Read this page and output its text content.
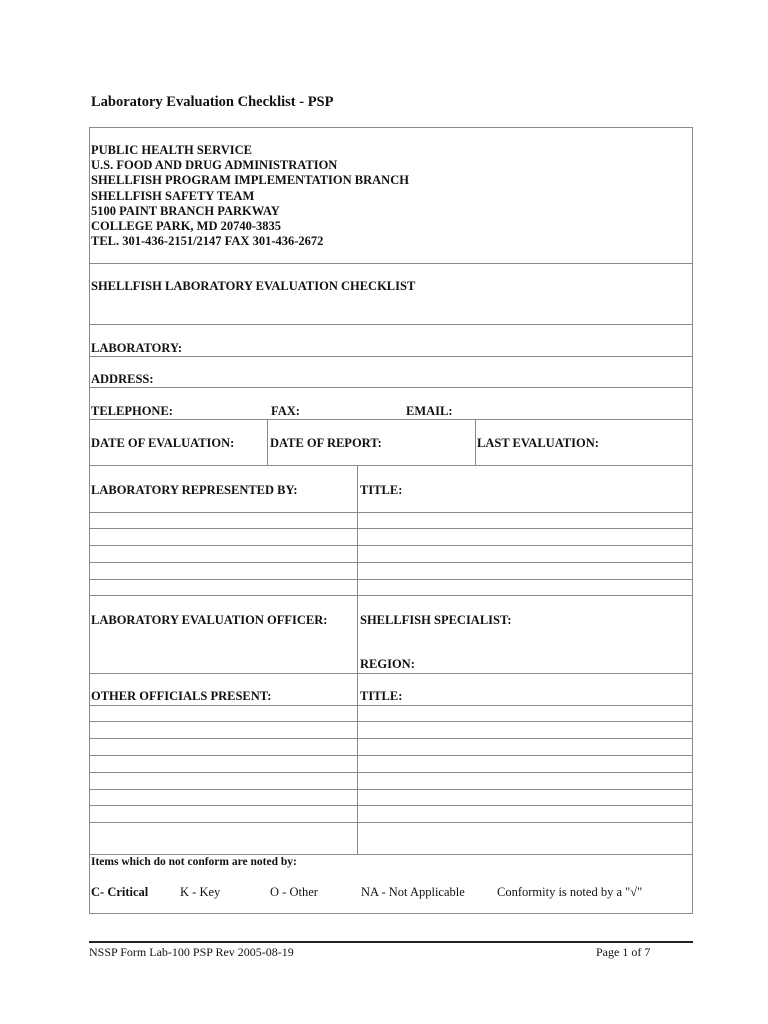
Laboratory Evaluation Checklist - PSP
PUBLIC HEALTH SERVICE
U.S. FOOD AND DRUG ADMINISTRATION
SHELLFISH PROGRAM IMPLEMENTATION BRANCH
SHELLFISH SAFETY TEAM
5100 PAINT BRANCH PARKWAY
COLLEGE PARK, MD 20740-3835
TEL. 301-436-2151/2147 FAX 301-436-2672
SHELLFISH LABORATORY EVALUATION CHECKLIST
LABORATORY:
ADDRESS:
TELEPHONE:	FAX:	EMAIL:
DATE OF EVALUATION:	DATE OF REPORT:	LAST EVALUATION:
LABORATORY REPRESENTED BY:	TITLE:
LABORATORY EVALUATION OFFICER:	SHELLFISH SPECIALIST:
REGION:
OTHER OFFICIALS PRESENT:	TITLE:
Items which do not conform are noted by:
C- Critical	K - Key	O - Other	NA - Not Applicable	Conformity is noted by a "√"
NSSP Form Lab-100 PSP Rev 2005-08-19	Page 1 of 7
